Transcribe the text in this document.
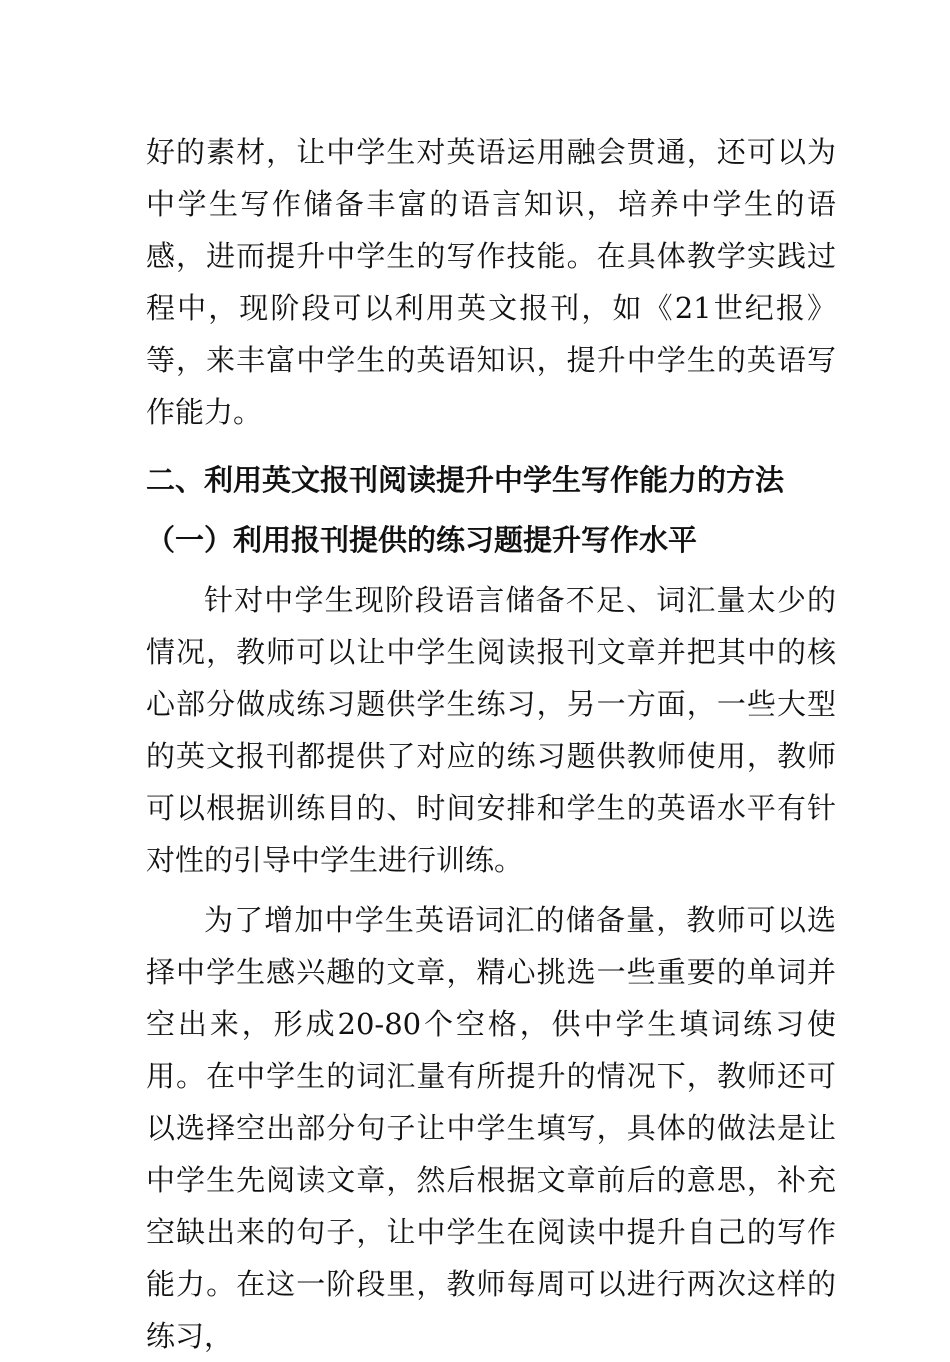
好的素材，让中学生对英语运用融会贯通，还可以为中学生写作储备丰富的语言知识，培养中学生的语感，进而提升中学生的写作技能。在具体教学实践过程中，现阶段可以利用英文报刊，如《21世纪报》等，来丰富中学生的英语知识，提升中学生的英语写作能力。

二、利用英文报刊阅读提升中学生写作能力的方法
（一）利用报刊提供的练习题提升写作水平

针对中学生现阶段语言储备不足、词汇量太少的情况，教师可以让中学生阅读报刊文章并把其中的核心部分做成练习题供学生练习，另一方面，一些大型的英文报刊都提供了对应的练习题供教师使用，教师可以根据训练目的、时间安排和学生的英语水平有针对性的引导中学生进行训练。

为了增加中学生英语词汇的储备量，教师可以选择中学生感兴趣的文章，精心挑选一些重要的单词并空出来，形成20-80个空格，供中学生填词练习使用。在中学生的词汇量有所提升的情况下，教师还可以选择空出部分句子让中学生填写，具体的做法是让中学生先阅读文章，然后根据文章前后的意思，补充空缺出来的句子，让中学生在阅读中提升自己的写作能力。在这一阶段里，教师每周可以进行两次这样的练习，
